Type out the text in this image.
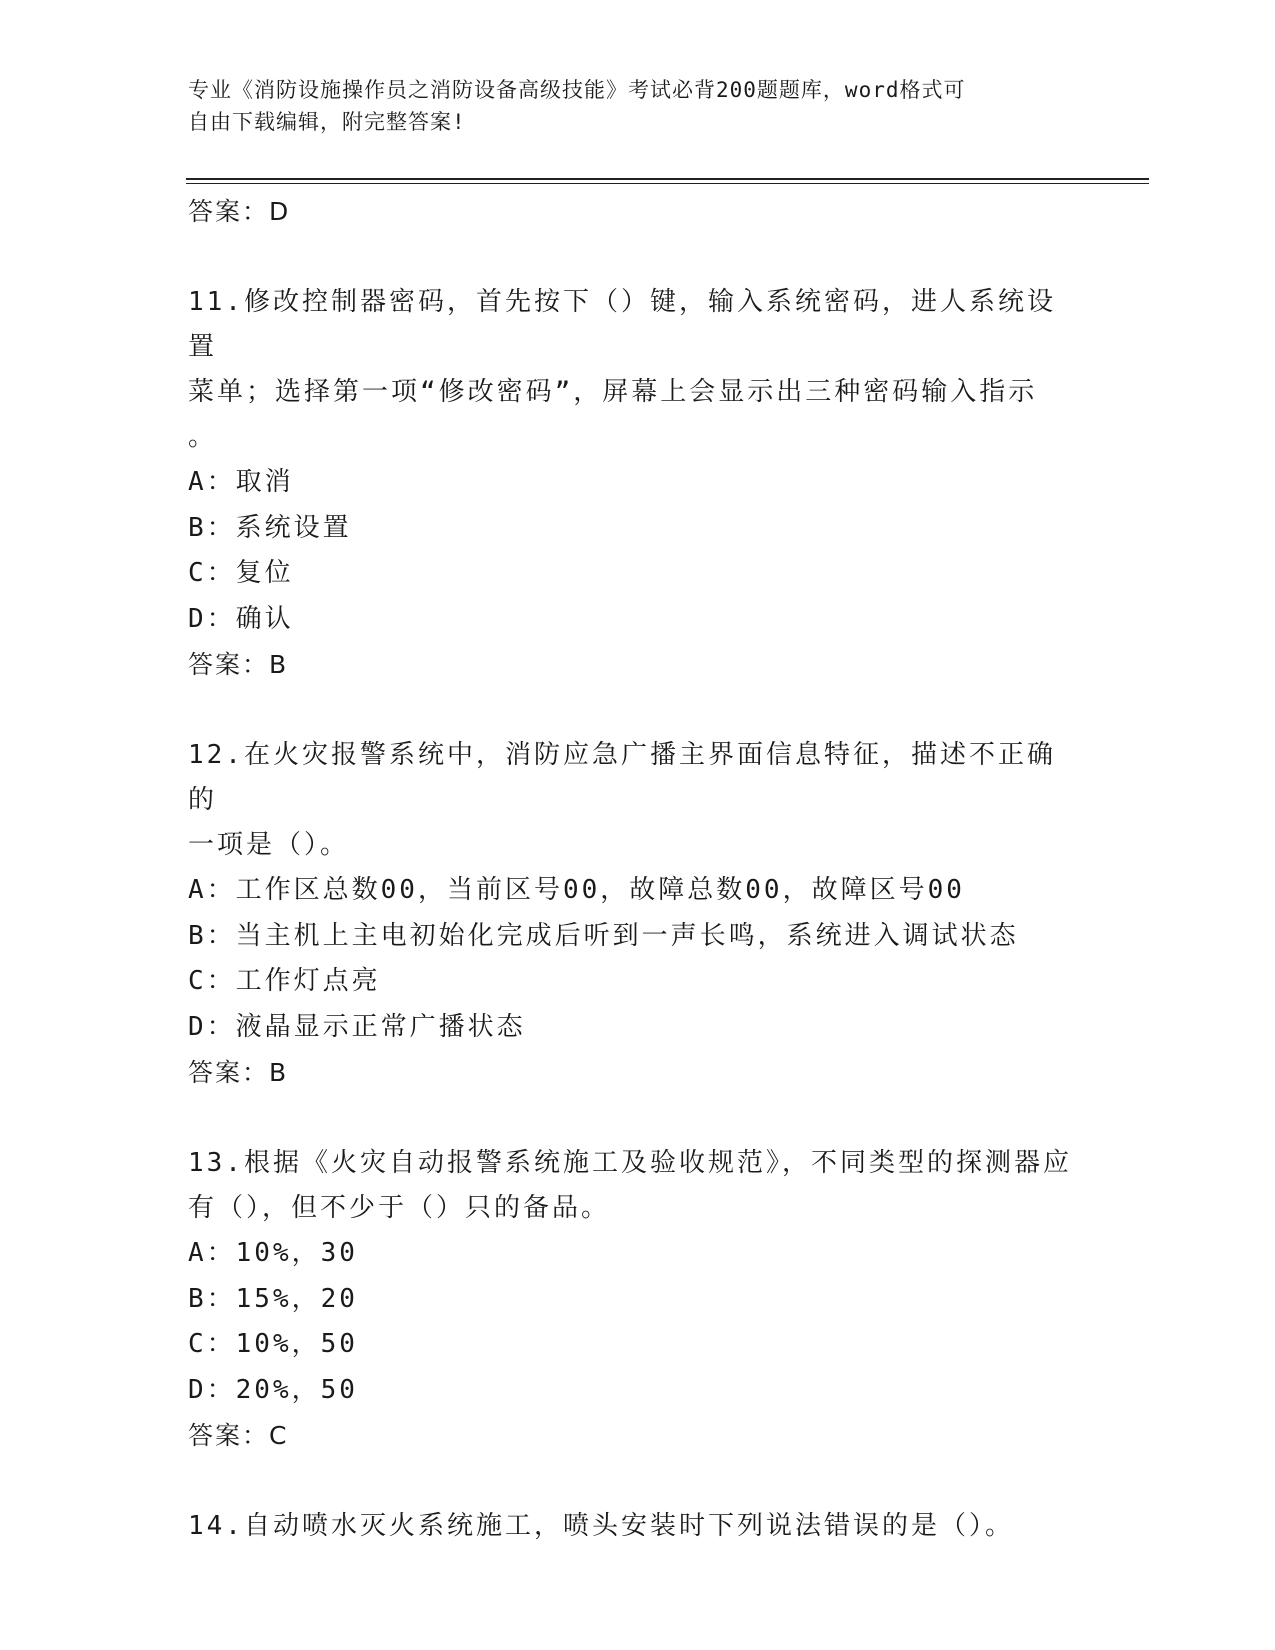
专业《消防设施操作员之消防设备高级技能》考试必背200题题库，word格式可
自由下载编辑，附完整答案!

答案：D

11.修改控制器密码，首先按下（）键，输入系统密码，进人系统设置

菜单；选择第一项“修改密码”，屏幕上会显示出三种密码输入指示

。

A：取消

B：系统设置

C：复位

D：确认

答案：B

12.在火灾报警系统中，消防应急广播主界面信息特征，描述不正确的

一项是（）。

A：工作区总数00，当前区号00，故障总数00，故障区号00

B：当主机上主电初始化完成后听到一声长鸣，系统进入调试状态

C：工作灯点亮

D：液晶显示正常广播状态

答案：B

13.根据《火灾自动报警系统施工及验收规范》，不同类型的探测器应

有（），但不少于（）只的备品。

A：10%，30

B：15%，20

C：10%，50

D：20%，50

答案：C

14.自动喷水灭火系统施工，喷头安装时下列说法错误的是（）。
